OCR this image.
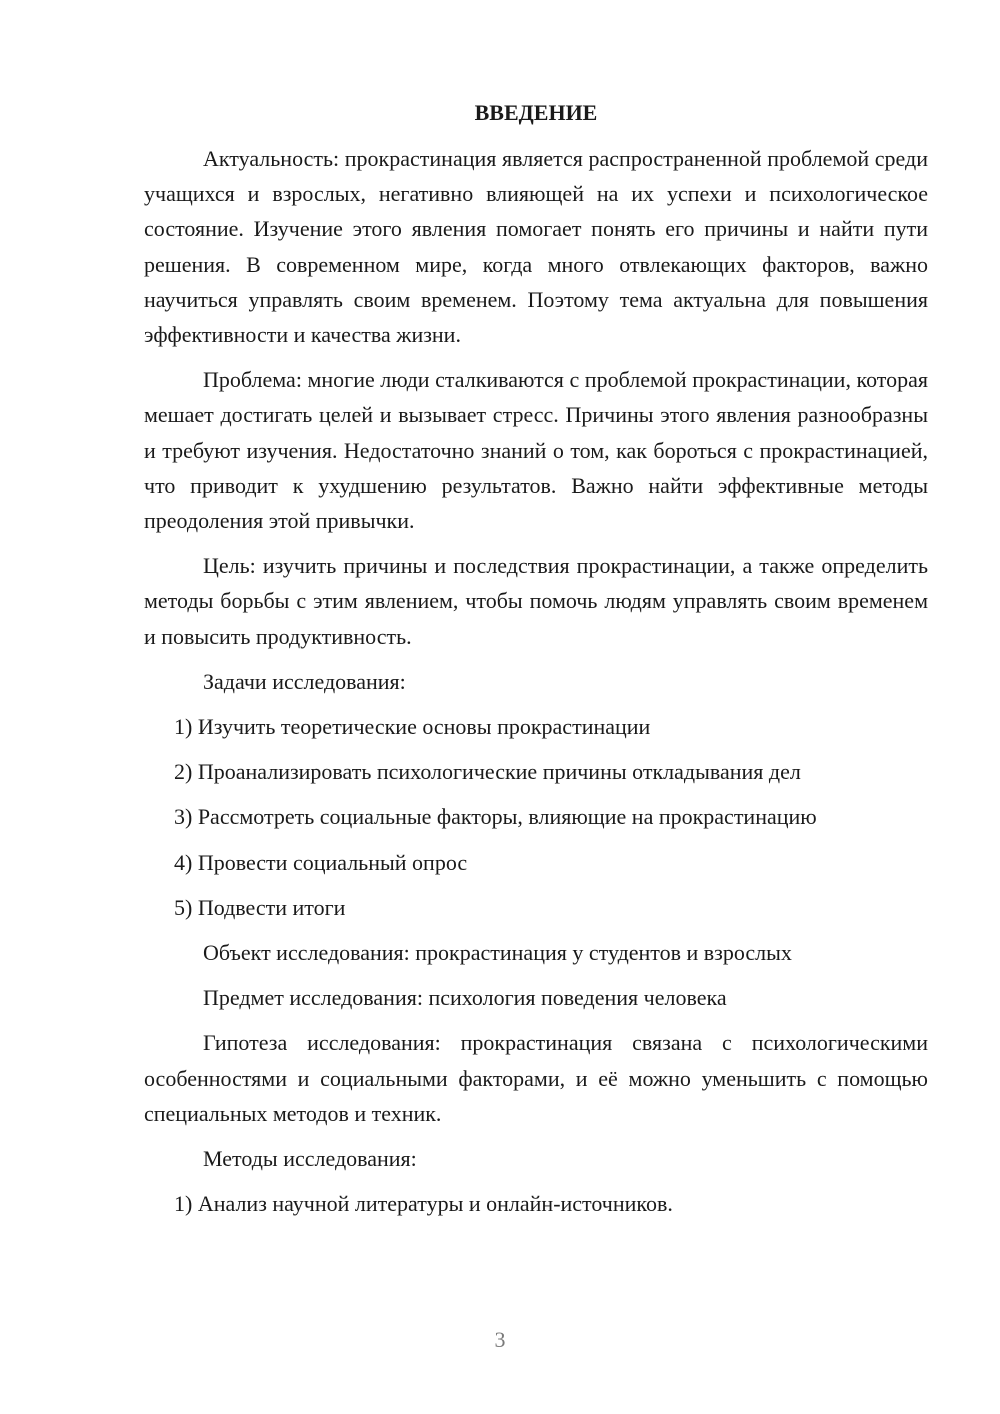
ВВЕДЕНИЕ

Актуальность: прокрастинация является распространенной проблемой среди учащихся и взрослых, негативно влияющей на их успехи и психологическое состояние. Изучение этого явления помогает понять его причины и найти пути решения. В современном мире, когда много отвлекающих факторов, важно научиться управлять своим временем. Поэтому тема актуальна для повышения эффективности и качества жизни.

Проблема: многие люди сталкиваются с проблемой прокрастинации, которая мешает достигать целей и вызывает стресс. Причины этого явления разнообразны и требуют изучения. Недостаточно знаний о том, как бороться с прокрастинацией, что приводит к ухудшению результатов. Важно найти эффективные методы преодоления этой привычки.

Цель: изучить причины и последствия прокрастинации, а также определить методы борьбы с этим явлением, чтобы помочь людям управлять своим временем и повысить продуктивность.

Задачи исследования:
1) Изучить теоретические основы прокрастинации
2) Проанализировать психологические причины откладывания дел
3) Рассмотреть социальные факторы, влияющие на прокрастинацию
4) Провести социальный опрос
5) Подвести итоги
Объект исследования: прокрастинация у студентов и взрослых
Предмет исследования: психология поведения человека

Гипотеза исследования: прокрастинация связана с психологическими особенностями и социальными факторами, и её можно уменьшить с помощью специальных методов и техник.

Методы исследования:
1) Анализ научной литературы и онлайн-источников.
3
